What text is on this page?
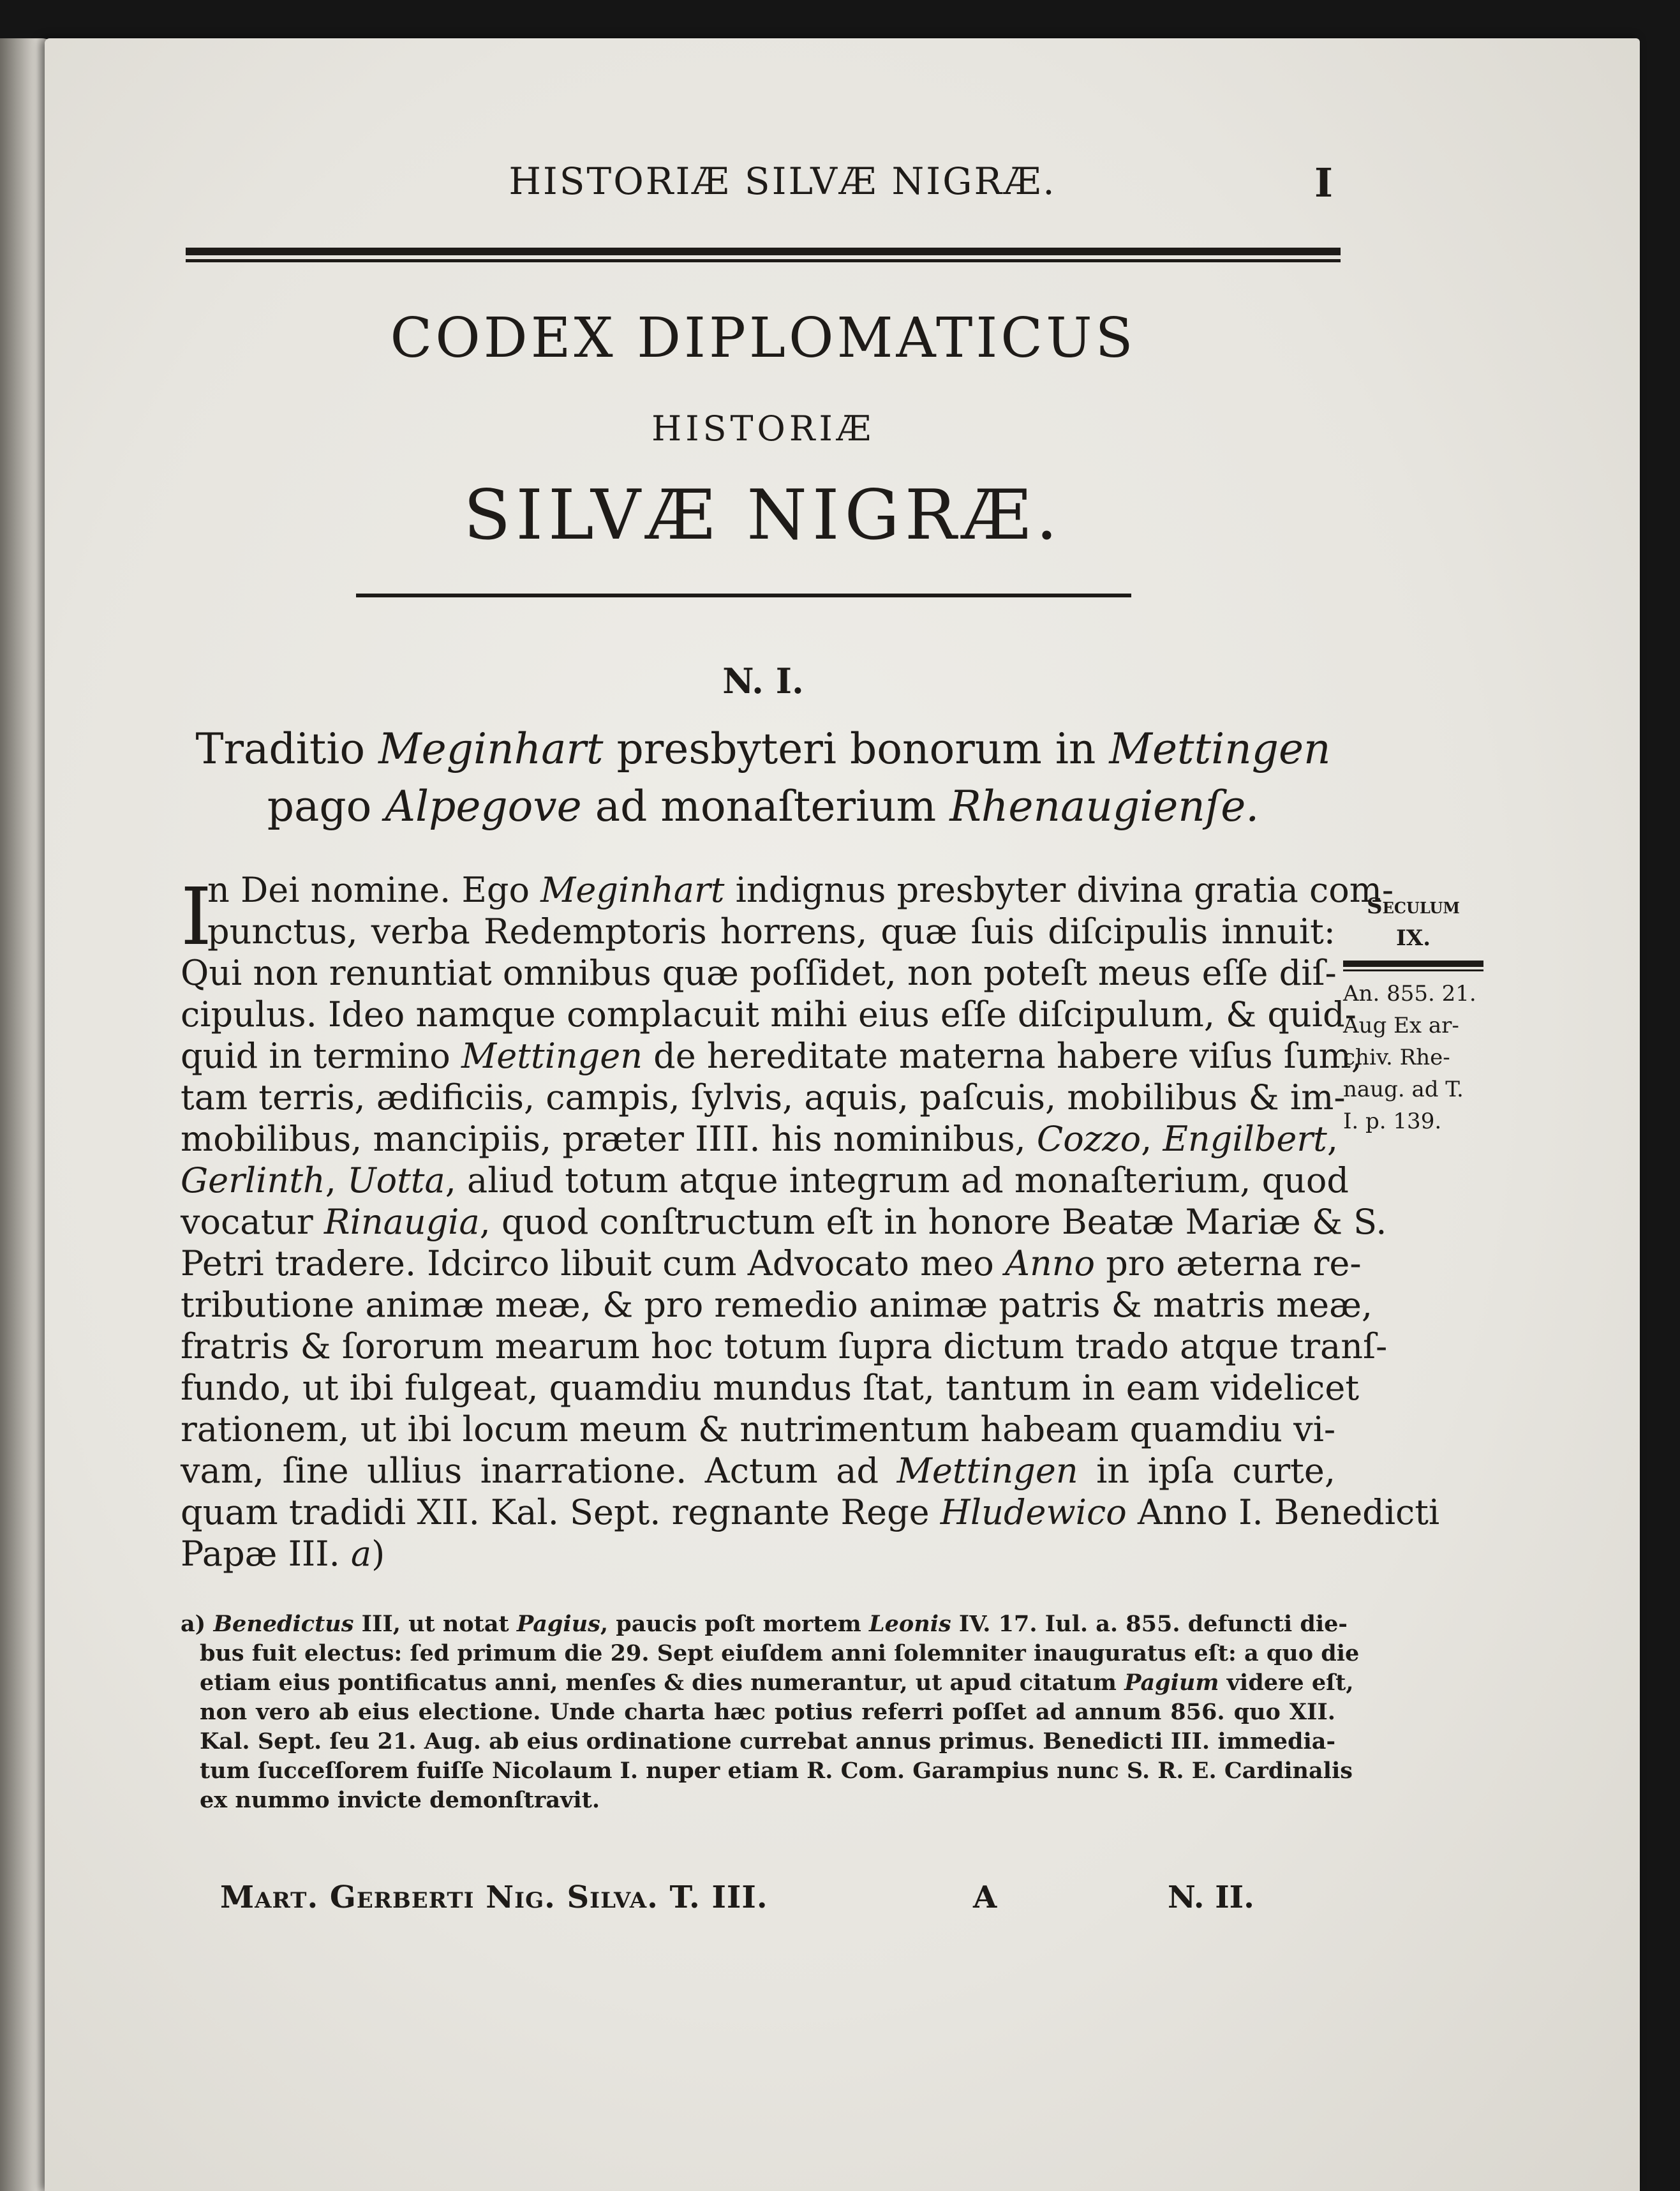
HISTORIÆ SILVÆ NIGRÆ.	I
CODEX DIPLOMATICUS
HISTORIÆ
SILVÆ NIGRÆ.
N. I.
Traditio Meginhart presbyteri bonorum in Mettingen
pago Alpegove ad monaſterium Rhenaugienſe.
I
n Dei nomine. Ego Meginhart indignus presbyter divina gratia com-
punctus, verba Redemptoris horrens, quæ ſuis diſcipulis innuit:
Qui non renuntiat omnibus quæ poſſidet, non poteſt meus eſſe diſ-
cipulus. Ideo namque complacuit mihi eius eſſe diſcipulum, & quid-
quid in termino Mettingen de hereditate materna habere viſus ſum,
tam terris, ædificiis, campis, ſylvis, aquis, paſcuis, mobilibus & im-
mobilibus, mancipiis, præter IIII. his nominibus, Cozzo, Engilbert,
Gerlinth, Uotta, aliud totum atque integrum ad monaſterium, quod
vocatur Rinaugia, quod conſtructum eſt in honore Beatæ Mariæ & S.
Petri tradere. Idcirco libuit cum Advocato meo Anno pro æterna re-
tributione animæ meæ, & pro remedio animæ patris & matris meæ,
fratris & ſororum mearum hoc totum ſupra dictum trado atque tranſ-
fundo, ut ibi fulgeat, quamdiu mundus ſtat, tantum in eam videlicet
rationem, ut ibi locum meum & nutrimentum habeam quamdiu vi-
vam, ſine ullius inarratione. Actum ad Mettingen in ipſa curte,
quam tradidi XII. Kal. Sept. regnante Rege Hludewico Anno I. Benedicti
Papæ III. a)
Seculum
IX.
An. 855. 21.
Aug Ex ar-
chiv. Rhe-
naug. ad T.
I. p. 139.
a) Benedictus III, ut notat Pagius, paucis poſt mortem Leonis IV. 17. Iul. a. 855. defuncti die-
bus fuit electus: ſed primum die 29. Sept eiuſdem anni ſolemniter inauguratus eſt: a quo die
etiam eius pontificatus anni, menſes & dies numerantur, ut apud citatum Pagium videre eſt,
non vero ab eius electione. Unde charta hæc potius referri poſſet ad annum 856. quo XII.
Kal. Sept. ſeu 21. Aug. ab eius ordinatione currebat annus primus. Benedicti III. immedia-
tum ſucceſſorem fuiſſe Nicolaum I. nuper etiam R. Com. Garampius nunc S. R. E. Cardinalis
ex nummo invicte demonſtravit.
Mart. Gerberti Nig. Silva. T. III.	A	N. II.
